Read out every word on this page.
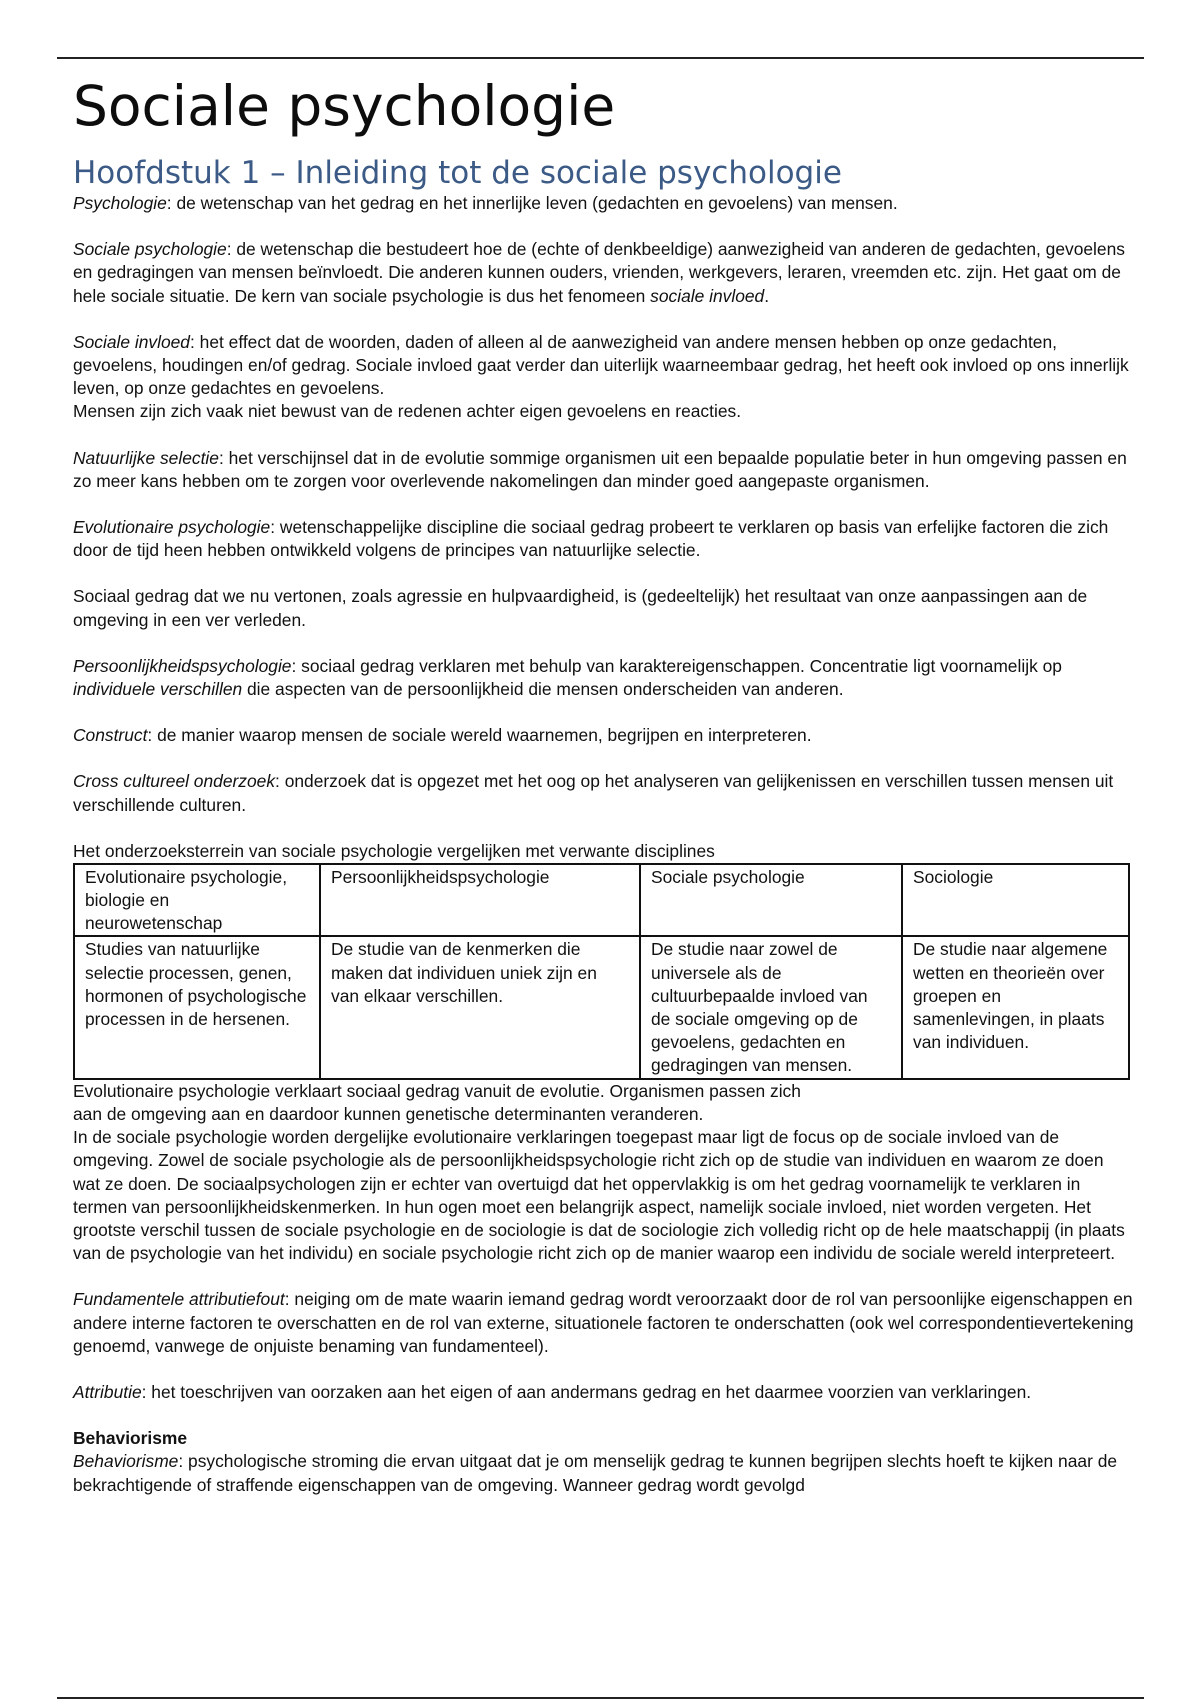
Sociale psychologie
Hoofdstuk 1 – Inleiding tot de sociale psychologie

Psychologie: de wetenschap van het gedrag en het innerlijke leven (gedachten en gevoelens) van mensen.

Sociale psychologie: de wetenschap die bestudeert hoe de (echte of denkbeeldige) aanwezigheid van anderen de gedachten, gevoelens en gedragingen van mensen beïnvloedt. Die anderen kunnen ouders, vrienden, werkgevers, leraren, vreemden etc. zijn. Het gaat om de hele sociale situatie. De kern van sociale psychologie is dus het fenomeen sociale invloed.

Sociale invloed: het effect dat de woorden, daden of alleen al de aanwezigheid van andere mensen hebben op onze gedachten, gevoelens, houdingen en/of gedrag. Sociale invloed gaat verder dan uiterlijk waarneembaar gedrag, het heeft ook invloed op ons innerlijk leven, op onze gedachtes en gevoelens.
Mensen zijn zich vaak niet bewust van de redenen achter eigen gevoelens en reacties.

Natuurlijke selectie: het verschijnsel dat in de evolutie sommige organismen uit een bepaalde populatie beter in hun omgeving passen en zo meer kans hebben om te zorgen voor overlevende nakomelingen dan minder goed aangepaste organismen.

Evolutionaire psychologie: wetenschappelijke discipline die sociaal gedrag probeert te verklaren op basis van erfelijke factoren die zich door de tijd heen hebben ontwikkeld volgens de principes van natuurlijke selectie.

Sociaal gedrag dat we nu vertonen, zoals agressie en hulpvaardigheid, is (gedeeltelijk) het resultaat van onze aanpassingen aan de omgeving in een ver verleden.

Persoonlijkheidspsychologie: sociaal gedrag verklaren met behulp van karaktereigenschappen. Concentratie ligt voornamelijk op individuele verschillen die aspecten van de persoonlijkheid die mensen onderscheiden van anderen.

Construct: de manier waarop mensen de sociale wereld waarnemen, begrijpen en interpreteren.

Cross cultureel onderzoek: onderzoek dat is opgezet met het oog op het analyseren van gelijkenissen en verschillen tussen mensen uit verschillende culturen.

Het onderzoeksterrein van sociale psychologie vergelijken met verwante disciplines
Evolutionaire psychologie, biologie en neurowetenschap	Persoonlijkheidspsychologie	Sociale psychologie	Sociologie
Studies van natuurlijke selectie processen, genen, hormonen of psychologische processen in de hersenen.	De studie van de kenmerken die maken dat individuen uniek zijn en van elkaar verschillen.	De studie naar zowel de universele als de cultuurbepaalde invloed van de sociale omgeving op de gevoelens, gedachten en gedragingen van mensen.	De studie naar algemene wetten en theorieën over groepen en samenlevingen, in plaats van individuen.

Evolutionaire psychologie verklaart sociaal gedrag vanuit de evolutie. Organismen passen zich
aan de omgeving aan en daardoor kunnen genetische determinanten veranderen.

In de sociale psychologie worden dergelijke evolutionaire verklaringen toegepast maar ligt de focus op de sociale invloed van de omgeving. Zowel de sociale psychologie als de persoonlijkheidspsychologie richt zich op de studie van individuen en waarom ze doen wat ze doen. De sociaalpsychologen zijn er echter van overtuigd dat het oppervlakkig is om het gedrag voornamelijk te verklaren in termen van persoonlijkheidskenmerken. In hun ogen moet een belangrijk aspect, namelijk sociale invloed, niet worden vergeten. Het grootste verschil tussen de sociale psychologie en de sociologie is dat de sociologie zich volledig richt op de hele maatschappij (in plaats van de psychologie van het individu) en sociale psychologie richt zich op de manier waarop een individu de sociale wereld interpreteert.

Fundamentele attributiefout: neiging om de mate waarin iemand gedrag wordt veroorzaakt door de rol van persoonlijke eigenschappen en andere interne factoren te overschatten en de rol van externe, situationele factoren te onderschatten (ook wel correspondentievertekening genoemd, vanwege de onjuiste benaming van fundamenteel).

Attributie: het toeschrijven van oorzaken aan het eigen of aan andermans gedrag en het daarmee voorzien van verklaringen.

Behaviorisme

Behaviorisme: psychologische stroming die ervan uitgaat dat je om menselijk gedrag te kunnen begrijpen slechts hoeft te kijken naar de bekrachtigende of straffende eigenschappen van de omgeving. Wanneer gedrag wordt gevolgd
